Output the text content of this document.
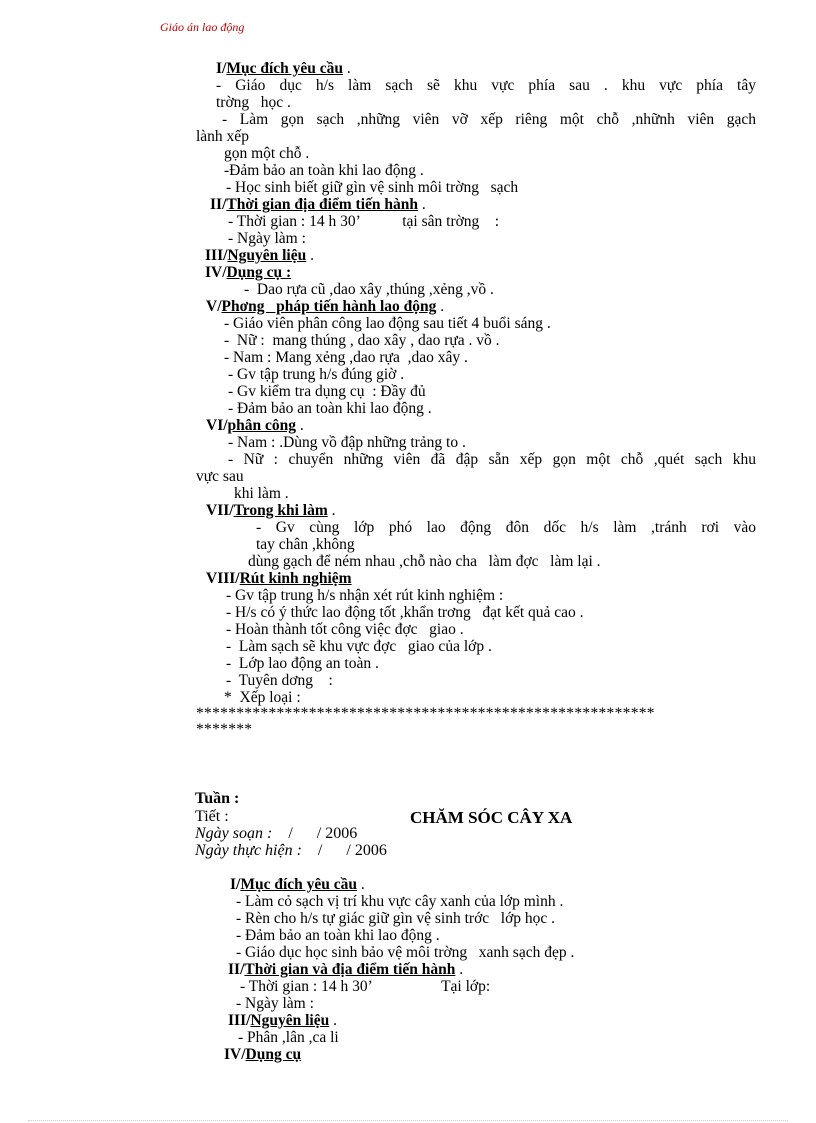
Giáo án lao động
I/Mục đích yêu cầu .
- Giáo dục h/s làm sạch sẽ khu vực phía sau . khu vực phía tây
trờng   học .
- Làm gọn sạch ,những viên vỡ xếp riêng một chỗ ,nhữnh viên gạch
lành xếp
gọn một chỗ .
-Đảm bảo an toàn khi lao động .
- Học sinh biết giữ gìn vệ sinh môi trờng   sạch
II/Thời gian địa điểm tiến hành .
- Thời gian : 14 h 30’           tại sân trờng    :
- Ngày làm :
III/Nguyên liệu .
IV/Dụng cụ :
-  Dao rựa cũ ,dao xây ,thúng ,xẻng ,vồ .
V/Phơng   pháp tiến hành lao động .
- Giáo viên phân công lao động sau tiết 4 buổi sáng .
-  Nữ :  mang thúng , dao xây , dao rựa . vồ .
- Nam : Mang xẻng ,dao rựa  ,dao xây .
- Gv tập trung h/s đúng giờ .
- Gv kiểm tra dụng cụ  : Đầy đủ
- Đảm bảo an toàn khi lao động .
VI/phân công .
- Nam : .Dùng vồ đập những trảng to .
- Nữ : chuyển những viên đã đập sẵn xếp gọn một chỗ ,quét sạch khu
vực sau
khi làm .
VII/Trong khi làm .
- Gv cùng lớp phó lao động đôn dốc h/s làm ,tránh rơi vào
tay chân ,không
dùng gạch để ném nhau ,chỗ nào cha   làm đợc   làm lại .
VIII/Rút kinh nghiệm
- Gv tập trung h/s nhận xét rút kinh nghiệm :
- H/s có ý thức lao động tốt ,khẩn trơng   đạt kết quả cao .
- Hoàn thành tốt công việc đợc   giao .
-  Làm sạch sẽ khu vực đợc   giao của lớp .
-  Lớp lao động an toàn .
-  Tuyên dơng    :
*  Xếp loại :
*********************************************************
*******
Tuần :
Tiết :	CHĂM SÓC CÂY XA
Ngày soạn :    /      / 2006
Ngày thực hiện :    /      / 2006
I/Mục đích yêu cầu .
- Làm cỏ sạch vị trí khu vực cây xanh của lớp mình .
- Rèn cho h/s tự giác giữ gìn vệ sinh trớc   lớp học .
- Đảm bảo an toàn khi lao động .
- Giáo dục học sinh bảo vệ môi trờng   xanh sạch đẹp .
II/Thời gian và địa điểm tiến hành .
- Thời gian : 14 h 30’                  Tại lớp:
- Ngày làm :
III/Nguyên liệu .
- Phân ,lân ,ca li
IV/Dụng cụ
